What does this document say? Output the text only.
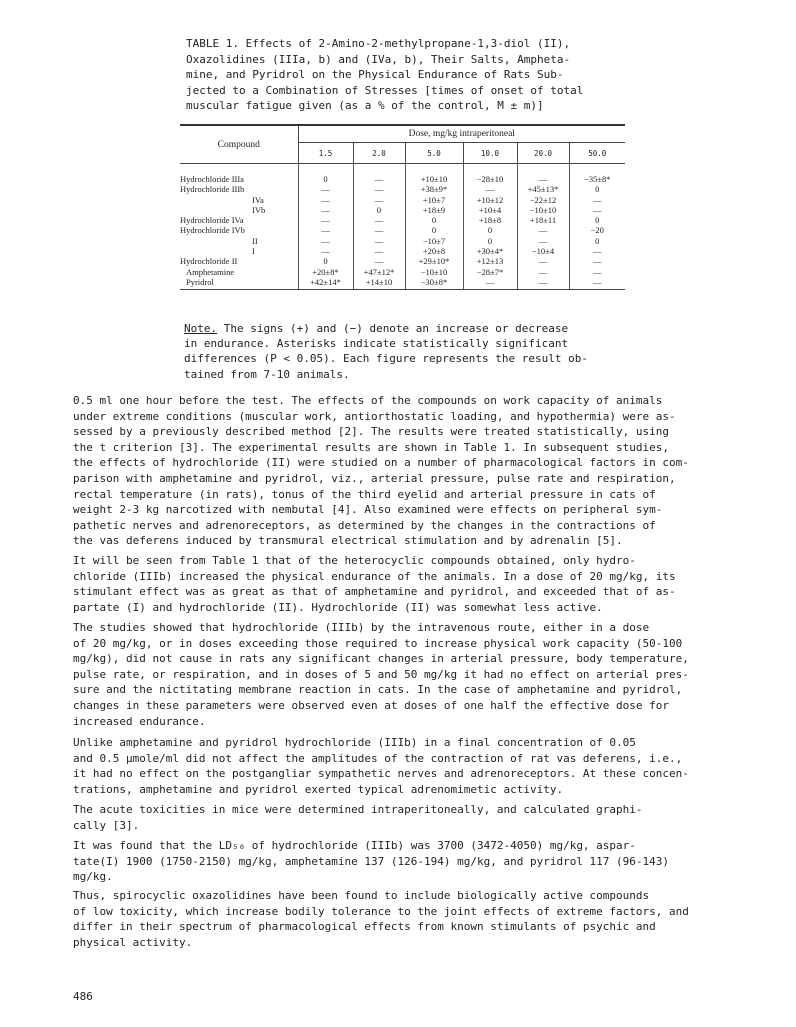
TABLE 1. Effects of 2-Amino-2-methylpropane-1,3-diol (II),
Oxazolidines (IIIa, b) and (IVa, b), Their Salts, Ampheta-
mine, and Pyridrol on the Physical Endurance of Rats Sub-
jected to a Combination of Stresses [times of onset of total
muscular fatigue given (as a % of the control, M ± m)]
Compound	Dose, mg/kg intraperitoneal					
	1.5	2.0	5.0	10.0	20.0	50.0
Hydrochloride IIIa	0	—	+10±10	−28±10	—	−35±8*
Hydrochloride IIIb	—	—	+38±9*	—	+45±13*	0
IVa	—	—	+10±7	+10±12	−22±12	—
IVb	—	0	+18±9	+10±4	−10±10	—
Hydrochloride IVa	—	—	0	+18±8	+18±11	0
Hydrochloride IVb	—	—	0	0	—	−20
II	—	—	−10±7	0	—	0
I	—	—	+20±8	+30±4*	−10±4	—
Hydrochloride II	0	—	+29±10*	+12±13	—	—
Amphetamine	+20±8*	+47±12*	−10±10	−28±7*	—	—
Pyridrol	+42±14*	+14±10	−30±8*	—	—	—
Note. The signs (+) and (−) denote an increase or decrease
in endurance. Asterisks indicate statistically significant
differences (P < 0.05). Each figure represents the result ob-
tained from 7-10 animals.

0.5 ml one hour before the test. The effects of the compounds on work capacity of animals
under extreme conditions (muscular work, antiorthostatic loading, and hypothermia) were as-
sessed by a previously described method [2]. The results were treated statistically, using
the t criterion [3]. The experimental results are shown in Table 1. In subsequent studies,
the effects of hydrochloride (II) were studied on a number of pharmacological factors in com-
parison with amphetamine and pyridrol, viz., arterial pressure, pulse rate and respiration,
rectal temperature (in rats), tonus of the third eyelid and arterial pressure in cats of
weight 2-3 kg narcotized with nembutal [4]. Also examined were effects on peripheral sym-
pathetic nerves and adrenoreceptors, as determined by the changes in the contractions of
the vas deferens induced by transmural electrical stimulation and by adrenalin [5].

It will be seen from Table 1 that of the heterocyclic compounds obtained, only hydro-
chloride (IIIb) increased the physical endurance of the animals. In a dose of 20 mg/kg, its
stimulant effect was as great as that of amphetamine and pyridrol, and exceeded that of as-
partate (I) and hydrochloride (II). Hydrochloride (II) was somewhat less active.

The studies showed that hydrochloride (IIIb) by the intravenous route, either in a dose
of 20 mg/kg, or in doses exceeding those required to increase physical work capacity (50-100
mg/kg), did not cause in rats any significant changes in arterial pressure, body temperature,
pulse rate, or respiration, and in doses of 5 and 50 mg/kg it had no effect on arterial pres-
sure and the nictitating membrane reaction in cats. In the case of amphetamine and pyridrol,
changes in these parameters were observed even at doses of one half the effective dose for
increased endurance.

Unlike amphetamine and pyridrol hydrochloride (IIIb) in a final concentration of 0.05
and 0.5 μmole/ml did not affect the amplitudes of the contraction of rat vas deferens, i.e.,
it had no effect on the postgangliar sympathetic nerves and adrenoreceptors. At these concen-
trations, amphetamine and pyridrol exerted typical adrenomimetic activity.

The acute toxicities in mice were determined intraperitoneally, and calculated graphi-
cally [3].

It was found that the LD₅₀ of hydrochloride (IIIb) was 3700 (3472-4050) mg/kg, aspar-
tate(I) 1900 (1750-2150) mg/kg, amphetamine 137 (126-194) mg/kg, and pyridrol 117 (96-143)
mg/kg.

Thus, spirocyclic oxazolidines have been found to include biologically active compounds
of low toxicity, which increase bodily tolerance to the joint effects of extreme factors, and
differ in their spectrum of pharmacological effects from known stimulants of psychic and
physical activity.

486
